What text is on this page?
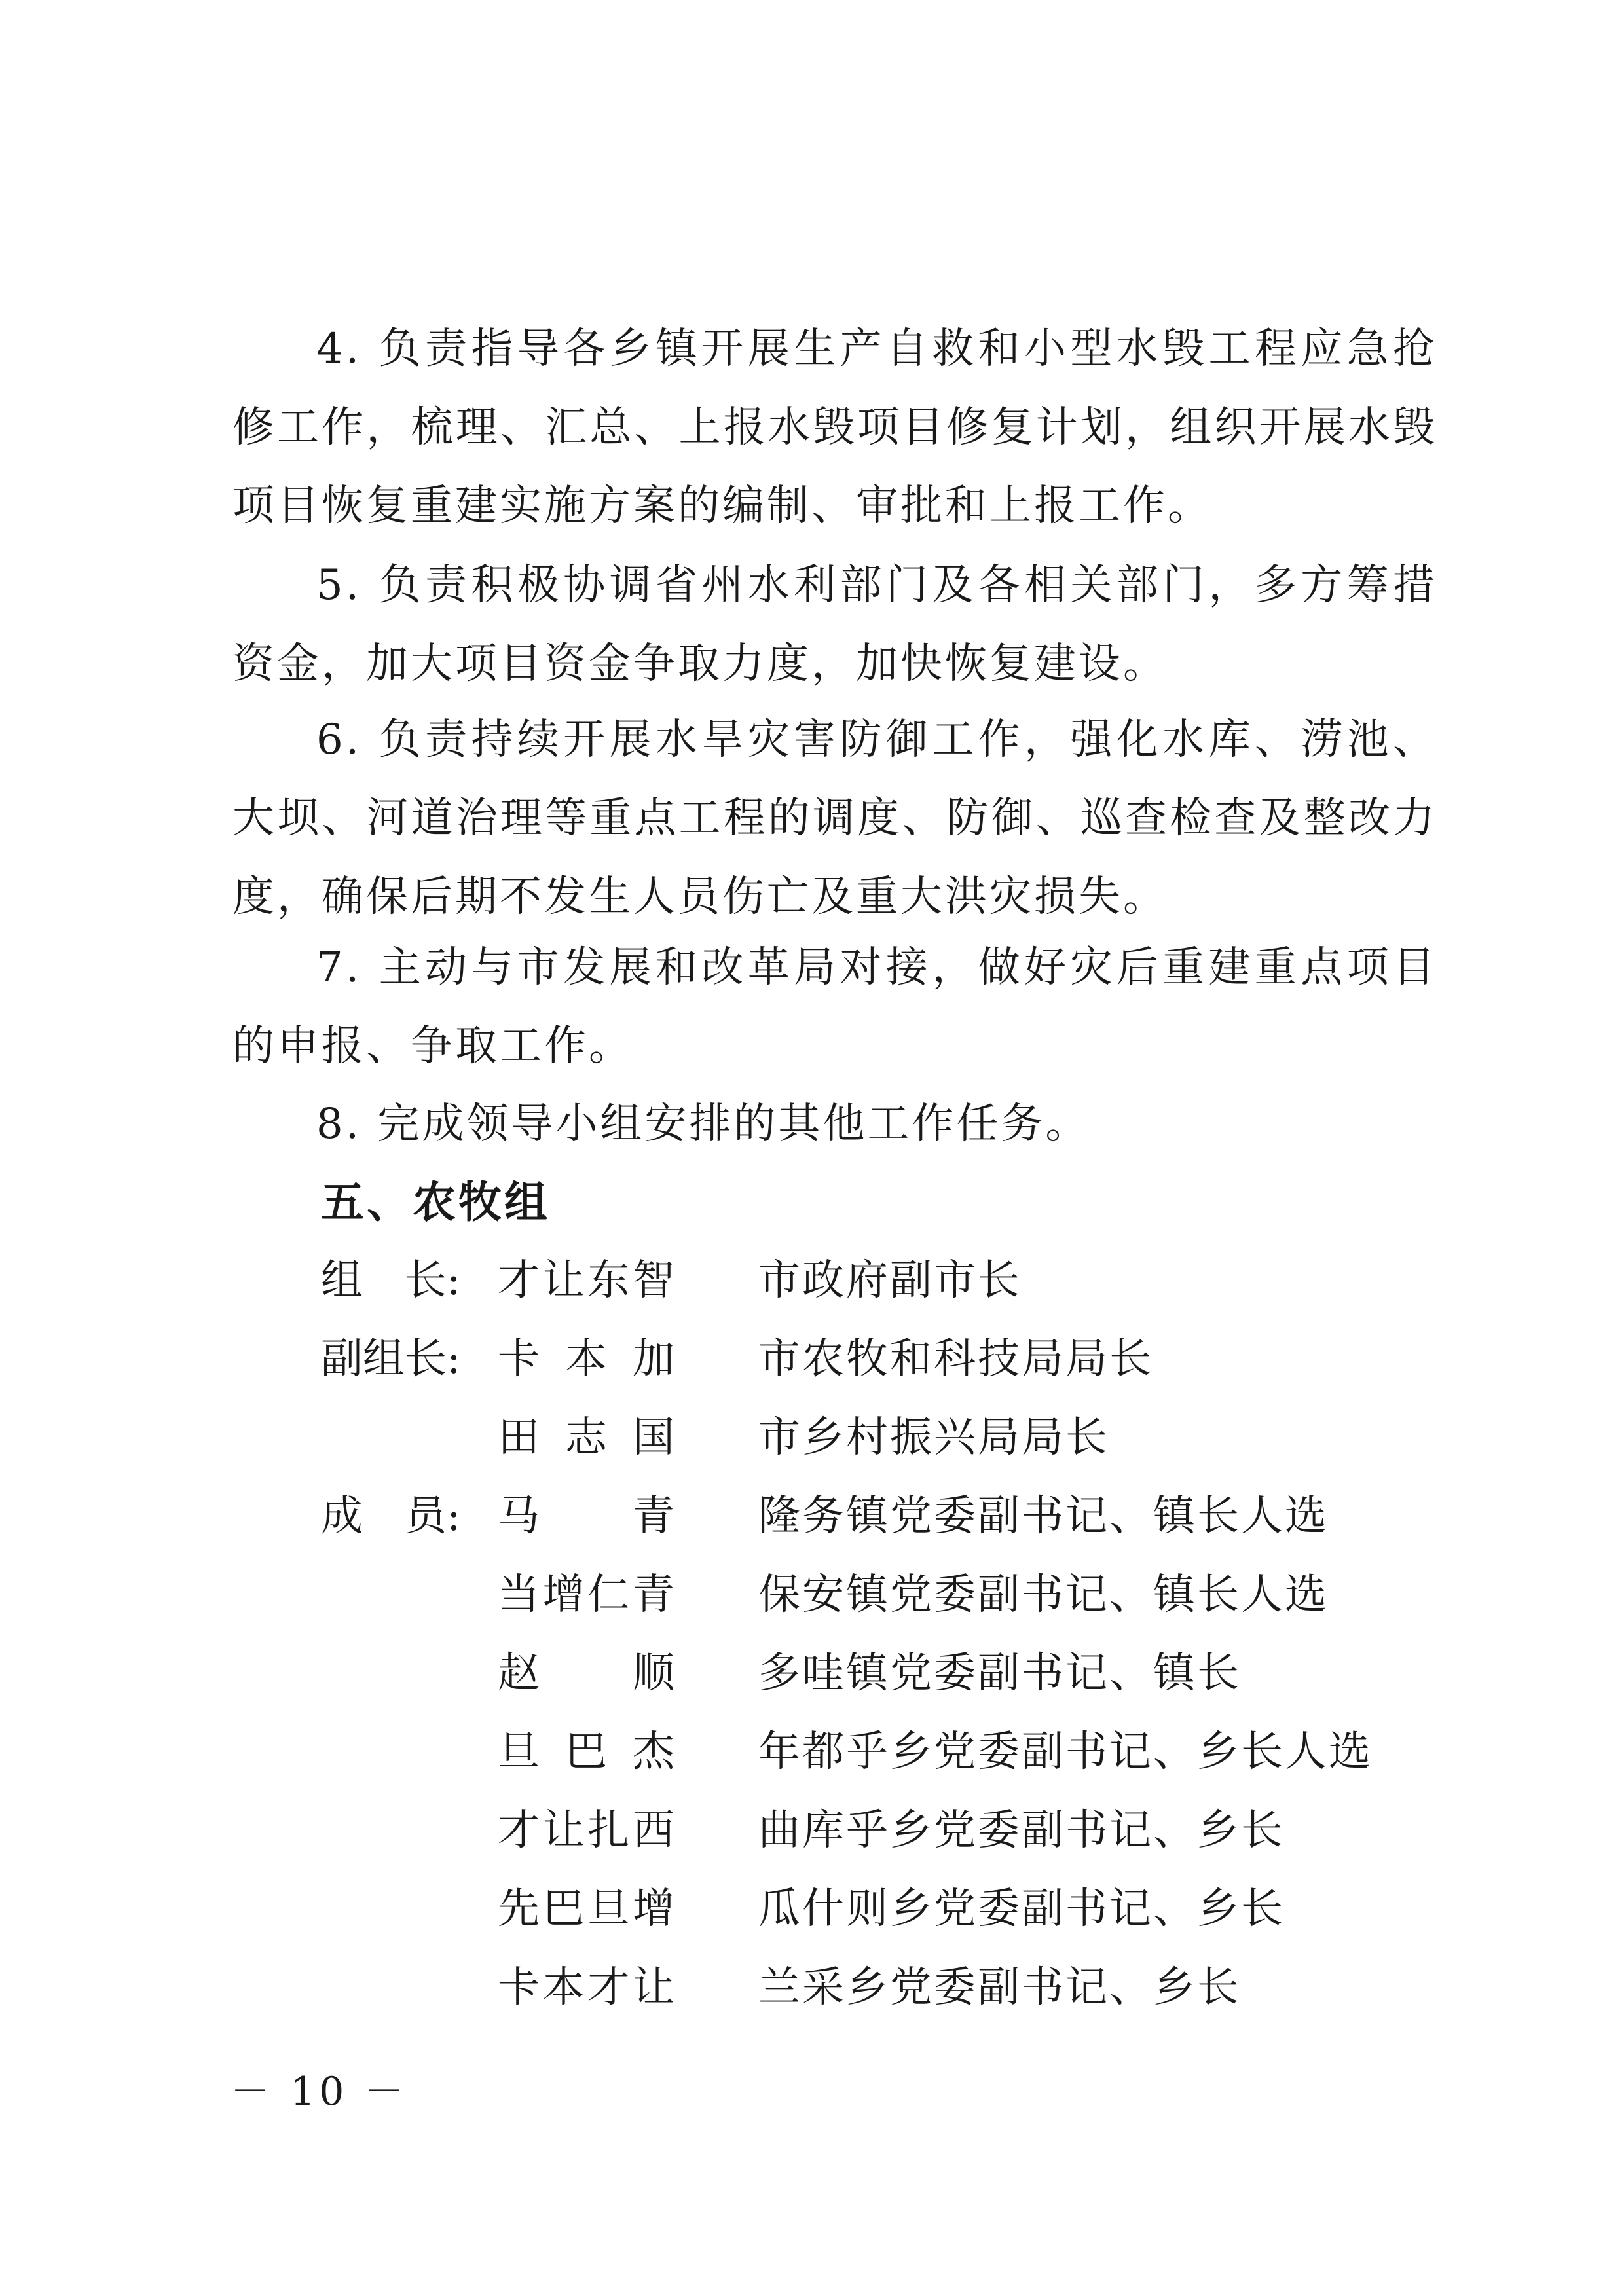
4. 负责指导各乡镇开展生产自救和小型水毁工程应急抢修工作，梳理、汇总、上报水毁项目修复计划，组织开展水毁项目恢复重建实施方案的编制、审批和上报工作。

5. 负责积极协调省州水利部门及各相关部门，多方筹措资金，加大项目资金争取力度，加快恢复建设。

6. 负责持续开展水旱灾害防御工作，强化水库、涝池、大坝、河道治理等重点工程的调度、防御、巡查检查及整改力度，确保后期不发生人员伤亡及重大洪灾损失。

7. 主动与市发展和改革局对接，做好灾后重建重点项目的申报、争取工作。

8. 完成领导小组安排的其他工作任务。

五、农牧组
组　长: 才让东智 市政府副市长
副组长: 卡本加 市农牧和科技局局长
田志国 市乡村振兴局局长
成　员: 马青
隆务镇党委副书记、镇长人选
当增仁青 保安镇党委副书记、镇长人选
赵顺
多哇镇党委副书记、镇长
旦巴杰 年都乎乡党委副书记、乡长人选
才让扎西 曲库乎乡党委副书记、乡长
先巴旦增 瓜什则乡党委副书记、乡长
卡本才让 兰采乡党委副书记、乡长
－ 10 －
